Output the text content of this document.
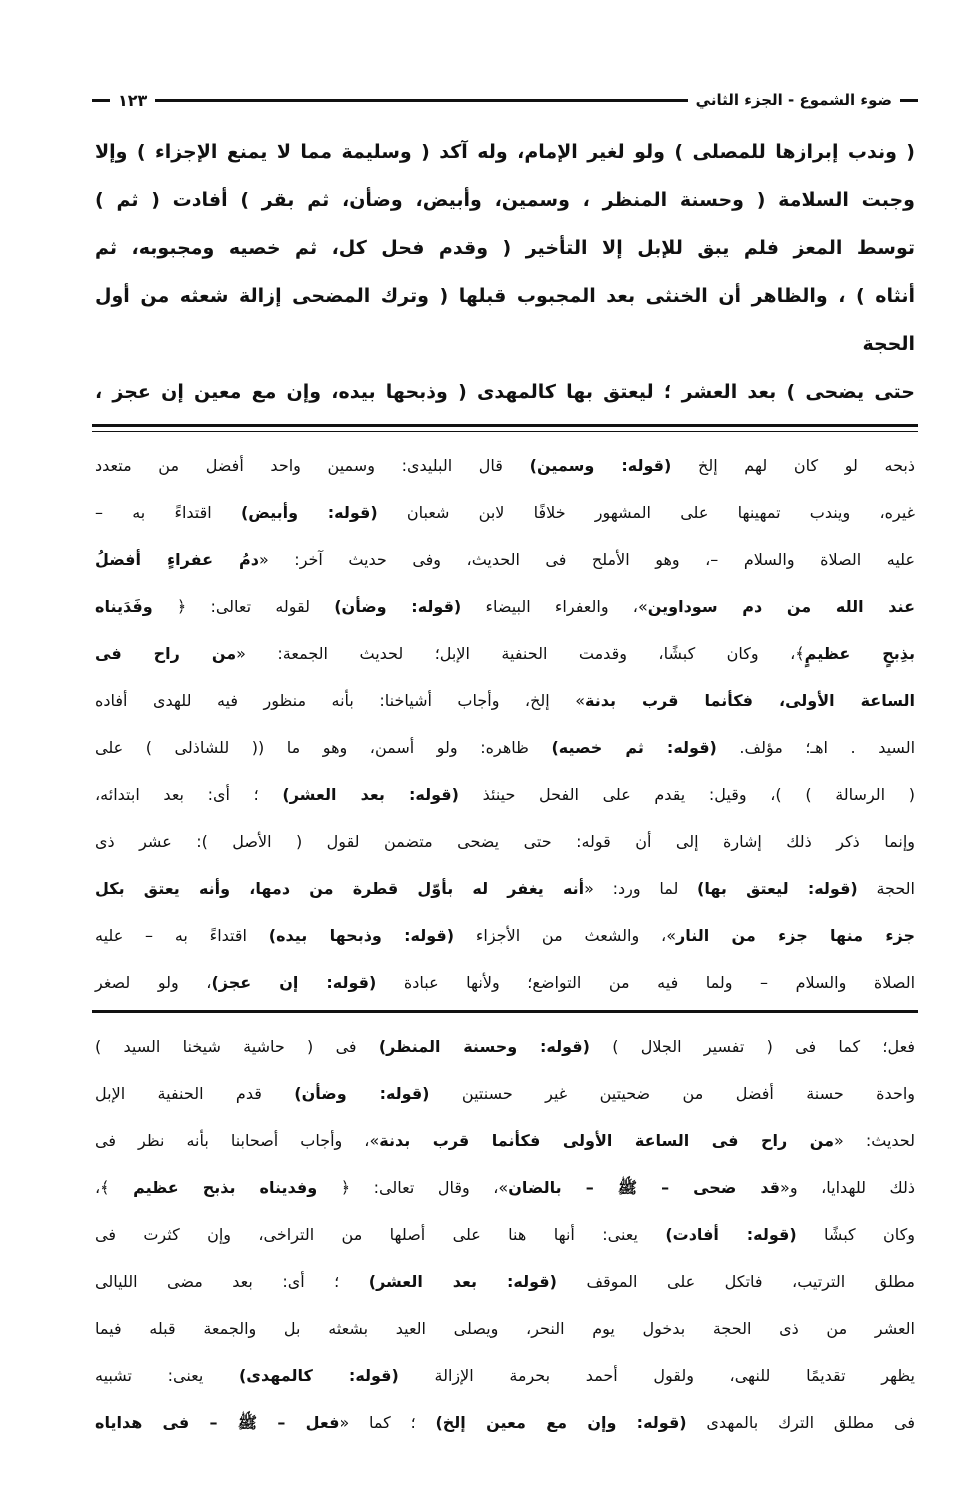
ضوء الشموع - الجزء الثاني
١٢٣
( وندب إبرازها للمصلى ) ولو لغير الإمام، وله آكد ( وسليمة مما لا يمنع الإجزاء ) وإلا
وجبت السلامة ( وحسنة المنظر ، وسمين، وأبيض، وضأن، ثم بقر ) أفادت ( ثم )
توسط المعز فلم يبق للإبل إلا التأخير ( وقدم فحل كل، ثم خصيه ومجبوبه، ثم
أنثاه ) ، والظاهر أن الخنثى بعد المجبوب قبلها ( وترك المضحى إزالة شعثه من أول الحجة
حتى يضحى ) بعد العشر ؛ ليعتق بها كالمهدى ( وذبحها بيده، وإن مع معين إن عجز ،
ذبحه لو كان لهم إلخ (قوله: وسمين) قال البليدى: وسمين واحد أفضل من متعدد
غيره، ويندب تمهينها على المشهور خلافًا لابن شعبان (قوله: وأبيض) اقتداءً به –
عليه الصلاة والسلام –، وهو الأملح فى الحديث، وفى حديث آخر: «دمُ عفراءٍ أفضلُ
عند الله من دم سوداوين»، والعفراء البيضاء (قوله: وضأن) لقوله تعالى: ﴿ وفَدَيناه
بذِبحٍ عظيمٍ﴾، وكان كبشًا، وقدمت الحنفية الإبل؛ لحديث الجمعة: «من راح فى
الساعة الأولى، فكأنما قرب بدنة» إلخ، وأجاب أشياخنا: بأنه منظور فيه للهدى أفاده
السيد . اهـ؛ مؤلف. (قوله: ثم خصيه) ظاهره: ولو أسمن، وهو ما (( للشاذلى ) على
( الرسالة ) )، وقيل: يقدم على الفحل حينئذ (قوله: بعد العشر) ؛ أى: بعد ابتدائه،
وإنما ذكر ذلك إشارة إلى أن قوله: حتى يضحى متضمن لقول ( الأصل ): عشر ذى
الحجة (قوله: ليعتق بها) لما ورد: «أنه يغفر له بأوّل قطرة من دمها، وأنه يعتق بكل
جزء منها جزء من النار»، والشعث من الأجزاء (قوله: وذبحها بيده) اقتداءً به – عليه
الصلاة والسلام – ولما فيه من التواضع؛ ولأنها عبادة (قوله: إن عجز)، ولو لصغر
فعل؛ كما فى ( تفسير الجلال ) (قوله: وحسنة المنظر) فى ( حاشية شيخنا السيد )
واحدة حسنة أفضل من ضحيتين غير حسنتين (قوله: وضأن) قدم الحنفية الإبل
لحديث: «من راح فى الساعة الأولى فكأنما قرب بدنة»، وأجاب أصحابنا بأنه نظر فى
ذلك للهدايا، و«قد ضحى – ﷺ – بالضان»، وقال تعالى: ﴿ وفديناه بذبح عظيم ﴾،
وكان كبشًا (قوله: أفادت) يعنى: أنها هنا على أصلها من التراخى، وإن كثرت فى
مطلق الترتيب، فاتكل على الموقف (قوله: بعد العشر) ؛ أى: بعد مضى الليالى
العشر من ذى الحجة بدخول يوم النحر، ويصلى العيد بشعثه بل والجمعة قبله فيما
يظهر تقديمًا للنهى، ولقول أحمد بحرمة الإزالة (قوله: كالمهدى) يعنى: تشبيه
فى مطلق الترك بالمهدى (قوله: وإن مع معين إلخ) ؛ كما «فعل – ﷺ – فى هداياه
